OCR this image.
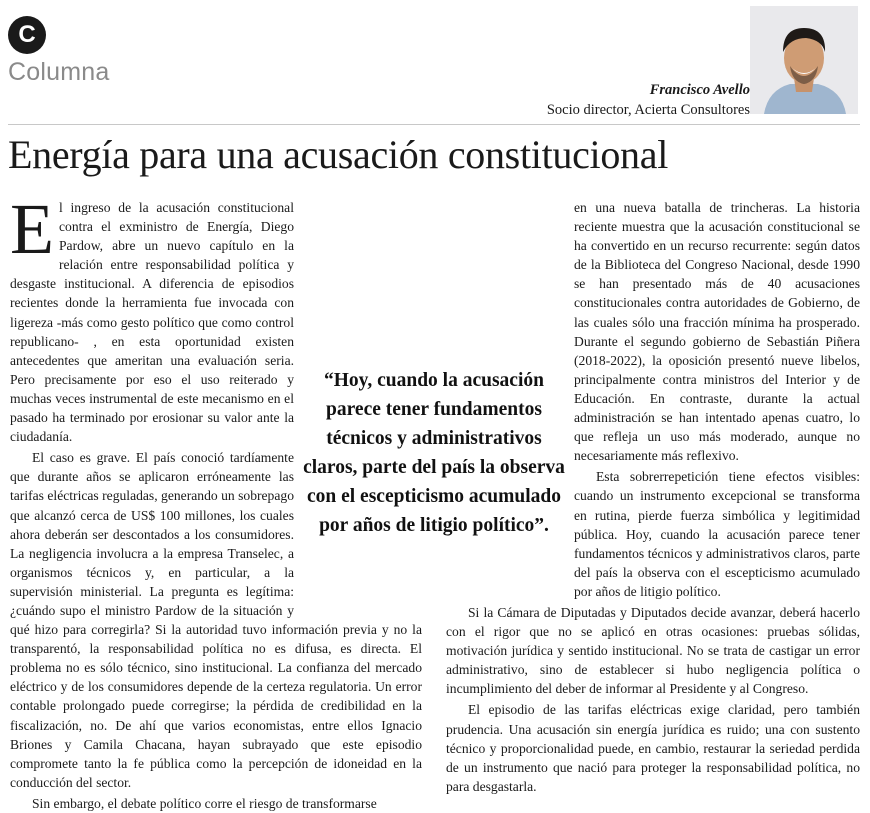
C
Columna
Francisco Avello
Socio director, Acierta Consultores
Energía para una acusación constitucional

El ingreso de la acusación constitucional contra el exministro de Energía, Diego Pardow, abre un nuevo capítulo en la relación entre responsabilidad política y desgaste institucional. A diferencia de episodios recientes donde la herramienta fue invocada con ligereza -más como gesto político que como control republicano- , en esta oportunidad existen antecedentes que ameritan una evaluación seria. Pero precisamente por eso el uso reiterado y muchas veces instrumental de este mecanismo en el pasado ha terminado por erosionar su valor ante la ciudadanía.

El caso es grave. El país conoció tardíamente que durante años se aplicaron erróneamente las tarifas eléctricas reguladas, generando un sobrepago que alcanzó cerca de US$ 100 millones, los cuales ahora deberán ser descontados a los consumidores. La negligencia involucra a la empresa Transelec, a organismos técnicos y, en particular, a la supervisión ministerial. La pregunta es legítima: ¿cuándo supo el ministro Pardow de la situación y qué hizo para corregirla? Si la autoridad tuvo información previa y no la transparentó, la responsabilidad política no es difusa, es directa. El problema no es sólo técnico, sino institucional. La confianza del mercado eléctrico y de los consumidores depende de la certeza regulatoria. Un error contable prolongado puede corregirse; la pérdida de credibilidad en la fiscalización, no. De ahí que varios economistas, entre ellos Ignacio Briones y Camila Chacana, hayan subrayado que este episodio compromete tanto la fe pública como la percepción de idoneidad en la conducción del sector.

Sin embargo, el debate político corre el riesgo de transformarse

en una nueva batalla de trincheras. La historia reciente muestra que la acusación constitucional se ha convertido en un recurso recurrente: según datos de la Biblioteca del Congreso Nacional, desde 1990 se han presentado más de 40 acusaciones constitucionales contra autoridades de Gobierno, de las cuales sólo una fracción mínima ha prosperado. Durante el segundo gobierno de Sebastián Piñera (2018-2022), la oposición presentó nueve libelos, principalmente contra ministros del Interior y de Educación. En contraste, durante la actual administración se han intentado apenas cuatro, lo que refleja un uso más moderado, aunque no necesariamente más reflexivo.

Esta sobrerrepetición tiene efectos visibles: cuando un instrumento excepcional se transforma en rutina, pierde fuerza simbólica y legitimidad pública. Hoy, cuando la acusación parece tener fundamentos técnicos y administrativos claros, parte del país la observa con el escepticismo acumulado por años de litigio político.

Si la Cámara de Diputadas y Diputados decide avanzar, deberá hacerlo con el rigor que no se aplicó en otras ocasiones: pruebas sólidas, motivación jurídica y sentido institucional. No se trata de castigar un error administrativo, sino de establecer si hubo negligencia política o incumplimiento del deber de informar al Presidente y al Congreso.

El episodio de las tarifas eléctricas exige claridad, pero también prudencia. Una acusación sin energía jurídica es ruido; una con sustento técnico y proporcionalidad puede, en cambio, restaurar la seriedad perdida de un instrumento que nació para proteger la responsabilidad política, no para desgastarla.

“Hoy, cuando la acusación parece tener fundamentos técnicos y administrativos claros, parte del país la observa con el escepticismo acumulado por años de litigio político”.
